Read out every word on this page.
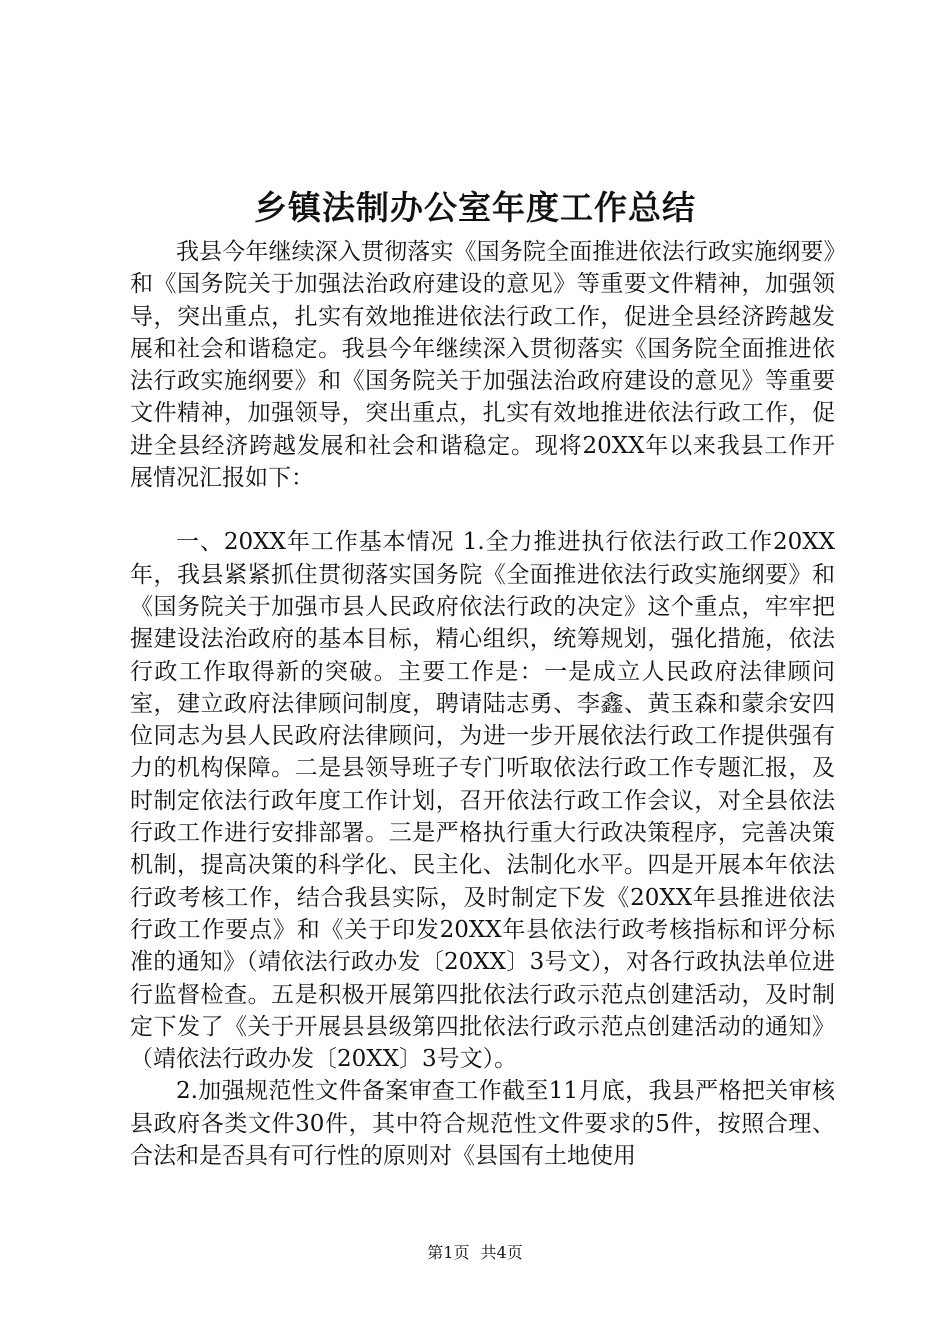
乡镇法制办公室年度工作总结

我县今年继续深入贯彻落实《国务院全面推进依法行政实施纲要》和《国务院关于加强法治政府建设的意见》等重要文件精神，加强领导，突出重点，扎实有效地推进依法行政工作，促进全县经济跨越发展和社会和谐稳定。我县今年继续深入贯彻落实《国务院全面推进依法行政实施纲要》和《国务院关于加强法治政府建设的意见》等重要文件精神，加强领导，突出重点，扎实有效地推进依法行政工作，促进全县经济跨越发展和社会和谐稳定。现将20XX年以来我县工作开展情况汇报如下：

一、20XX年工作基本情况 1.全力推进执行依法行政工作20XX年，我县紧紧抓住贯彻落实国务院《全面推进依法行政实施纲要》和《国务院关于加强市县人民政府依法行政的决定》这个重点，牢牢把握建设法治政府的基本目标，精心组织，统筹规划，强化措施，依法行政工作取得新的突破。主要工作是：一是成立人民政府法律顾问室，建立政府法律顾问制度，聘请陆志勇、李鑫、黄玉森和蒙余安四位同志为县人民政府法律顾问，为进一步开展依法行政工作提供强有力的机构保障。二是县领导班子专门听取依法行政工作专题汇报，及时制定依法行政年度工作计划，召开依法行政工作会议，对全县依法行政工作进行安排部署。三是严格执行重大行政决策程序，完善决策机制，提高决策的科学化、民主化、法制化水平。四是开展本年依法行政考核工作，结合我县实际，及时制定下发《20XX年县推进依法行政工作要点》和《关于印发20XX年县依法行政考核指标和评分标准的通知》（靖依法行政办发〔20XX〕3号文），对各行政执法单位进行监督检查。五是积极开展第四批依法行政示范点创建活动，及时制定下发了《关于开展县县级第四批依法行政示范点创建活动的通知》（靖依法行政办发〔20XX〕3号文）。

2.加强规范性文件备案审查工作截至11月底，我县严格把关审核县政府各类文件30件，其中符合规范性文件要求的5件，按照合理、合法和是否具有可行性的原则对《县国有土地使用

第1页 共4页
